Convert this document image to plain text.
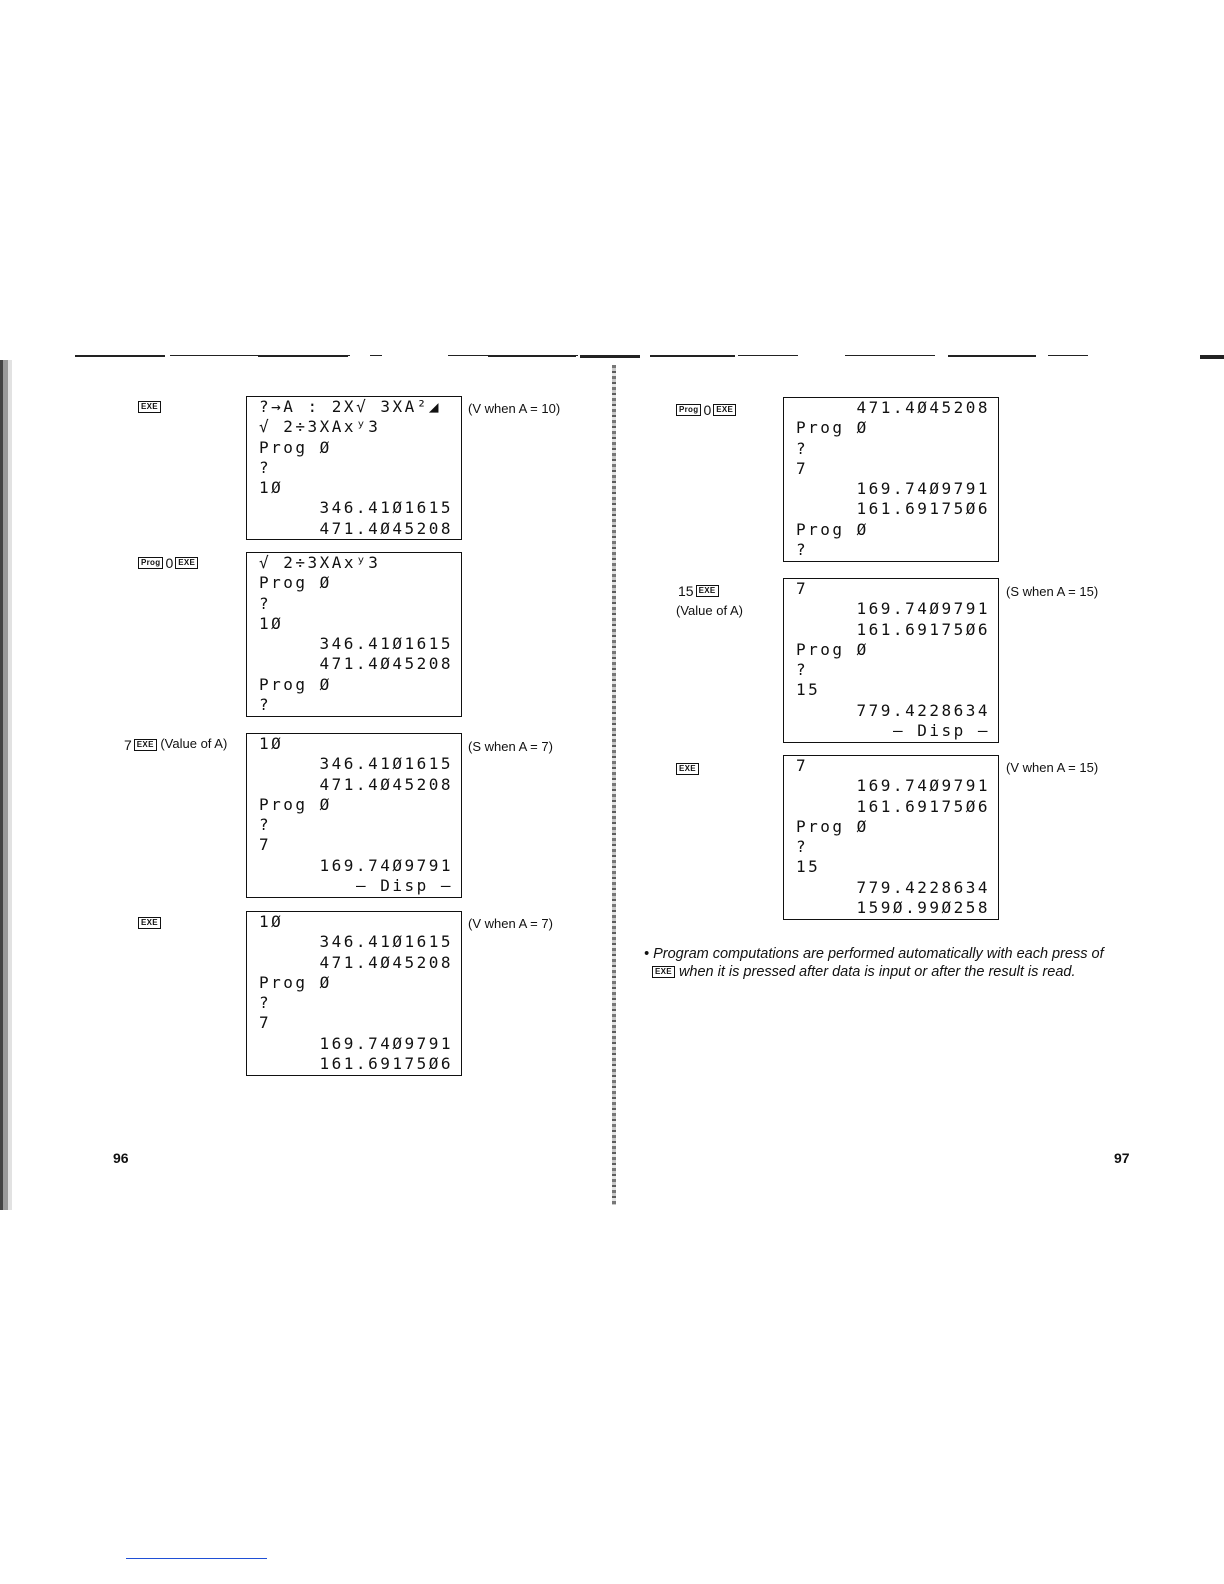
EXE	?→A : 2X√ 3XA²◢
√ 2÷3XAхʸ3
Prog Ø
?
1Ø
346.41Ø1615
471.4Ø45208
(V when A = 10)
Prog 0 EXE	√ 2÷3XAхʸ3
Prog Ø
?
1Ø
346.41Ø1615
471.4Ø45208
Prog Ø
?
7 EXE (Value of A) 1Ø
346.41Ø1615
471.4Ø45208
Prog Ø
?
7
169.74Ø9791
— Disp —
(S when A = 7)
EXE	1Ø
346.41Ø1615
471.4Ø45208
Prog Ø
?
7
169.74Ø9791
161.69175Ø6
(V when A = 7)
96
Prog 0 EXE	471.4Ø45208
Prog Ø
?
7
169.74Ø9791
161.69175Ø6
Prog Ø
?
15 EXE
(Value of A)
7
169.74Ø9791
161.69175Ø6
Prog Ø
?
15
779.4228634
— Disp —
(S when A = 15)
EXE	7
169.74Ø9791
161.69175Ø6
Prog Ø
?
15
779.4228634
159Ø.99Ø258
(V when A = 15)
• Program computations are performed automatically with each press of
EXE when it is pressed after data is input or after the result is read.
97
